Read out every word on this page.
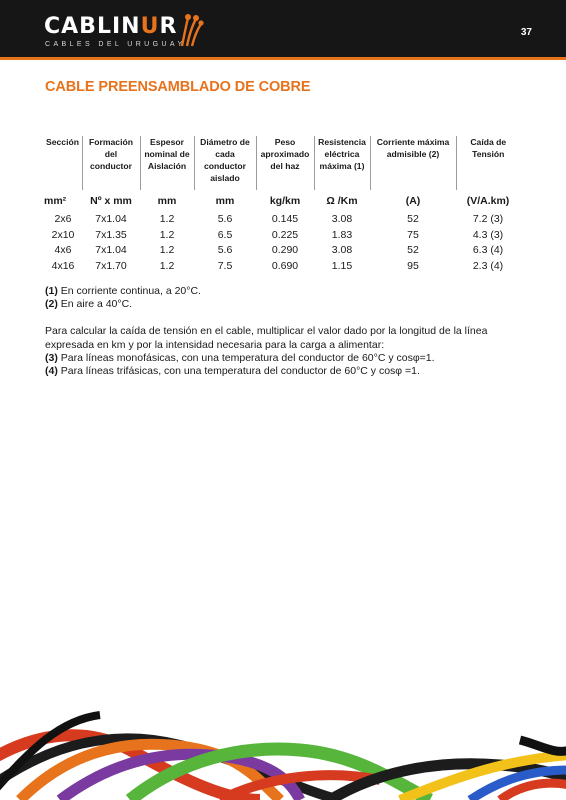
CABLINUR
CABLES DEL URUGUAY
37
CABLE PREENSAMBLADO DE COBRE
Sección	Formación del conductor	Espesor nominal de Aislación	Diámetro de cada conductor aislado	Peso aproximado del haz	Resistencia eléctrica máxima (1)	Corriente máxima admisible (2)	Caída de Tensión
mm²	Nº x mm	mm	mm	kg/km	Ω /Km	(A)	(V/A.km)
2x6	7x1.04	1.2	5.6	0.145	3.08	52	7.2 (3)
2x10	7x1.35	1.2	6.5	0.225	1.83	75	4.3 (3)
4x6	7x1.04	1.2	5.6	0.290	3.08	52	6.3 (4)
4x16	7x1.70	1.2	7.5	0.690	1.15	95	2.3 (4)

(1) En corriente continua, a 20°C.

(2) En aire a 40°C.

Para calcular la caída de tensión en el cable, multiplicar el valor dado por la longitud de la línea

expresada en km y por la intensidad necesaria para la carga a alimentar:

(3) Para líneas monofásicas, con una temperatura del conductor de 60°C y cosφ=1.

(4) Para líneas trifásicas, con una temperatura del conductor de 60°C y cosφ =1.
